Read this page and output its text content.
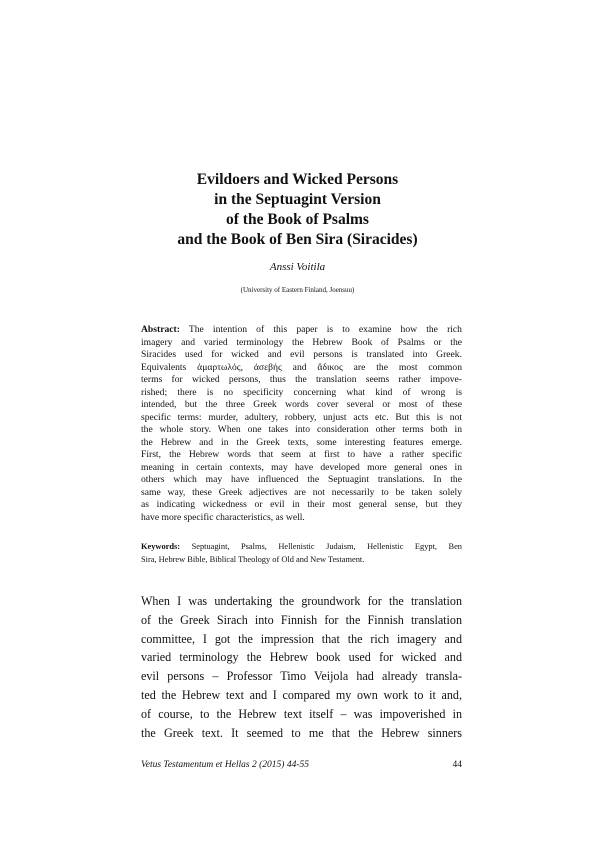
Evildoers and Wicked Persons
in the Septuagint Version
of the Book of Psalms
and the Book of Ben Sira (Siracides)
Anssi Voitila
(University of Eastern Finland, Joensuu)
Abstract: The intention of this paper is to examine how the rich
imagery and varied terminology the Hebrew Book of Psalms or the
Siracides used for wicked and evil persons is translated into Greek.
Equivalents ἁμαρτωλός, ἀσεβής and ἄδικος are the most common
terms for wicked persons, thus the translation seems rather impove-
rished; there is no specificity concerning what kind of wrong is
intended, but the three Greek words cover several or most of these
specific terms: murder, adultery, robbery, unjust acts etc. But this is not
the whole story. When one takes into consideration other terms both in
the Hebrew and in the Greek texts, some interesting features emerge.
First, the Hebrew words that seem at first to have a rather specific
meaning in certain contexts, may have developed more general ones in
others which may have influenced the Septuagint translations. In the
same way, these Greek adjectives are not necessarily to be taken solely
as indicating wickedness or evil in their most general sense, but they
have more specific characteristics, as well.
Keywords: Septuagint, Psalms, Hellenistic Judaism, Hellenistic Egypt, Ben
Sira, Hebrew Bible, Biblical Theology of Old and New Testament.
When I was undertaking the groundwork for the translation
of the Greek Sirach into Finnish for the Finnish translation
committee, I got the impression that the rich imagery and
varied terminology the Hebrew book used for wicked and
evil persons – Professor Timo Veijola had already transla-
ted the Hebrew text and I compared my own work to it and,
of course, to the Hebrew text itself – was impoverished in
the Greek text. It seemed to me that the Hebrew sinners
Vetus Testamentum et Hellas 2 (2015) 44-55	44
